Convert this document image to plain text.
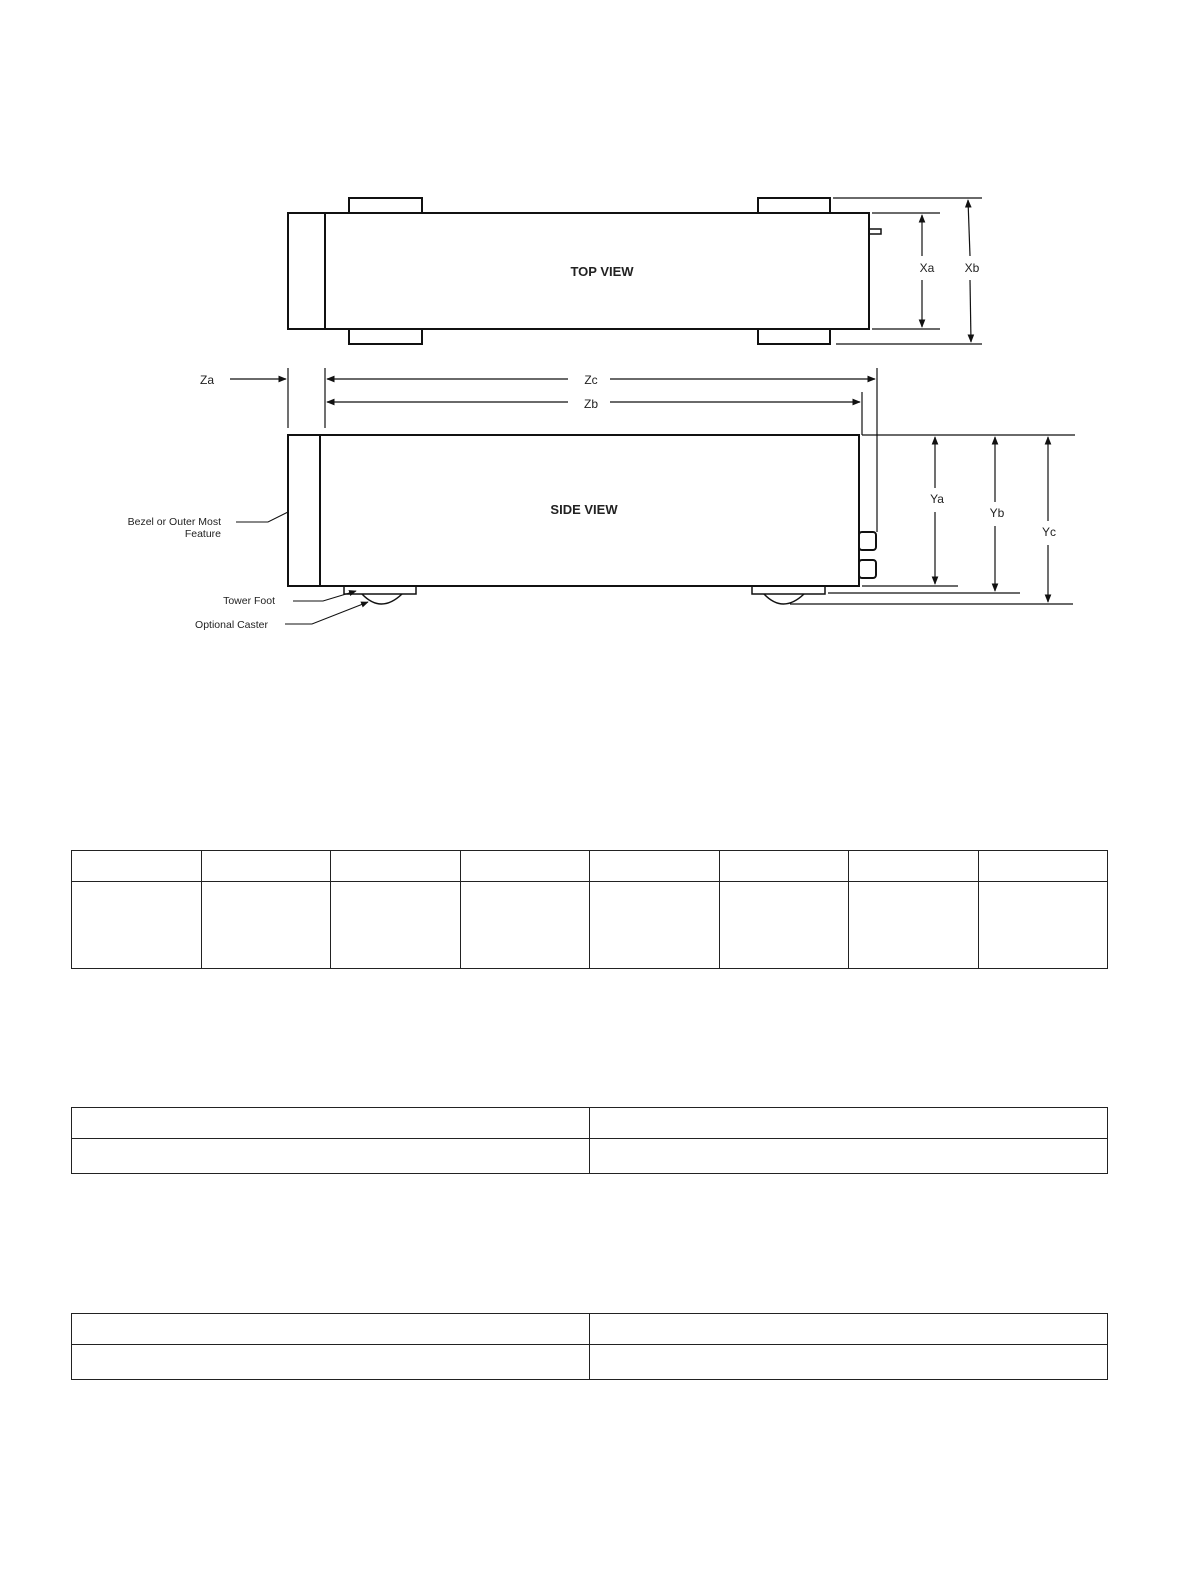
TOP VIEW	Xa	Xb
Za	Zc
Zb
SIDE VIEW
Ya
Yb
Yc
Bezel or Outer Most
Feature
Tower Foot
Optional Caster
